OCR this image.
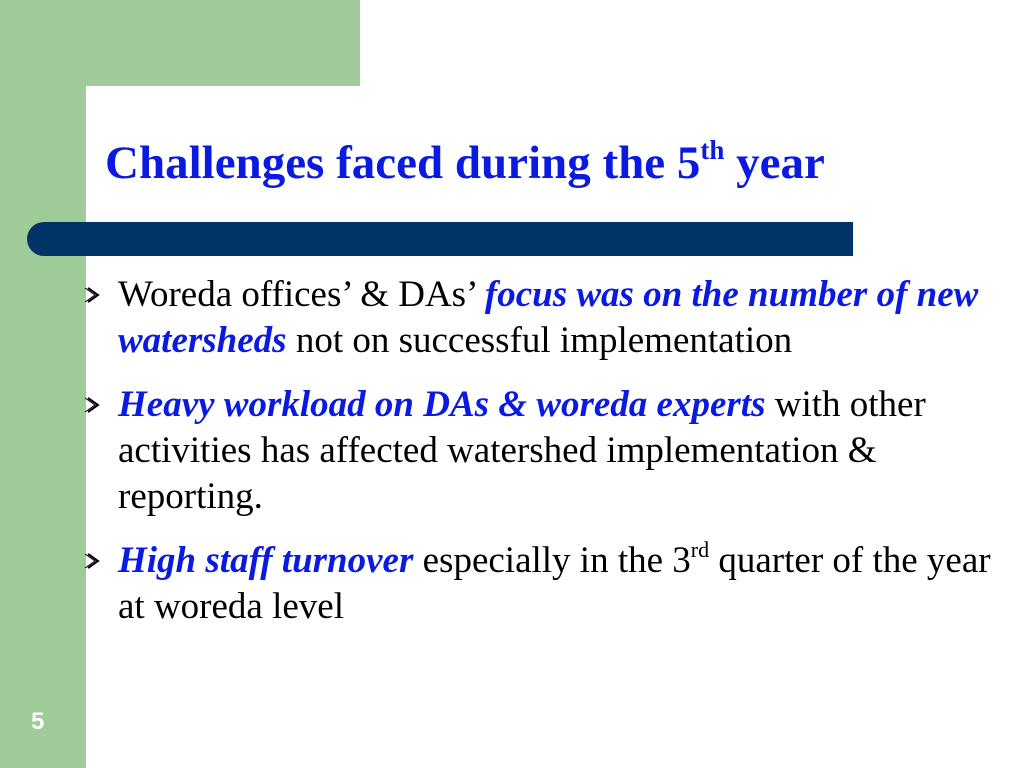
Challenges faced during the 5th year
Woreda offices’ & DAs’ focus was on the number of new watersheds not on successful implementation
Heavy workload on DAs & woreda experts with other activities has affected watershed implementation & reporting.
High staff turnover especially in the 3rd quarter of the year at woreda level
5
